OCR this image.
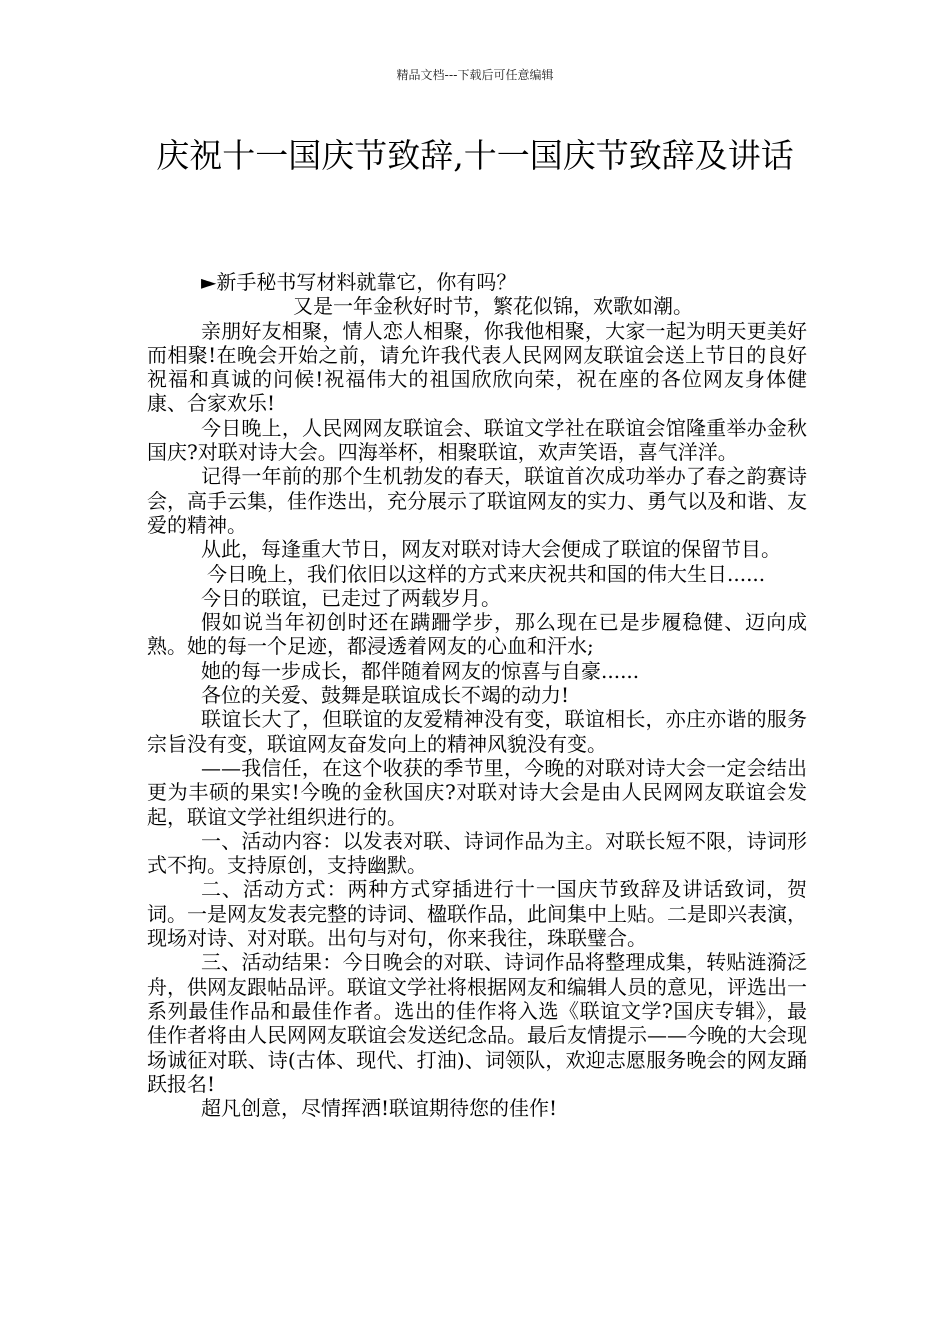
精品文档---下载后可任意编辑
庆祝十一国庆节致辞,十一国庆节致辞及讲话

►新手秘书写材料就靠它，你有吗？

又是一年金秋好时节，繁花似锦，欢歌如潮。

亲朋好友相聚，情人恋人相聚，你我他相聚，大家一起为明天更美好而相聚!在晚会开始之前，请允许我代表人民网网友联谊会送上节日的良好祝福和真诚的问候!祝福伟大的祖国欣欣向荣，祝在座的各位网友身体健康、合家欢乐!

今日晚上，人民网网友联谊会、联谊文学社在联谊会馆隆重举办金秋国庆?对联对诗大会。四海举杯，相聚联谊，欢声笑语，喜气洋洋。

记得一年前的那个生机勃发的春天，联谊首次成功举办了春之韵赛诗会，高手云集，佳作迭出，充分展示了联谊网友的实力、勇气以及和谐、友爱的精神。

从此，每逢重大节日，网友对联对诗大会便成了联谊的保留节目。

今日晚上，我们依旧以这样的方式来庆祝共和国的伟大生日......

今日的联谊，已走过了两载岁月。

假如说当年初创时还在蹒跚学步，那么现在已是步履稳健、迈向成熟。她的每一个足迹，都浸透着网友的心血和汗水;

她的每一步成长，都伴随着网友的惊喜与自豪......

各位的关爱、鼓舞是联谊成长不竭的动力!

联谊长大了，但联谊的友爱精神没有变，联谊相长，亦庄亦谐的服务宗旨没有变，联谊网友奋发向上的精神风貌没有变。

——我信任，在这个收获的季节里，今晚的对联对诗大会一定会结出更为丰硕的果实!今晚的金秋国庆?对联对诗大会是由人民网网友联谊会发起，联谊文学社组织进行的。

一、活动内容：以发表对联、诗词作品为主。对联长短不限，诗词形式不拘。支持原创，支持幽默。

二、活动方式：两种方式穿插进行十一国庆节致辞及讲话致词，贺词。一是网友发表完整的诗词、楹联作品，此间集中上贴。二是即兴表演，现场对诗、对对联。出句与对句，你来我往，珠联璧合。

三、活动结果：今日晚会的对联、诗词作品将整理成集，转贴涟漪泛舟，供网友跟帖品评。联谊文学社将根据网友和编辑人员的意见，评选出一系列最佳作品和最佳作者。选出的佳作将入选《联谊文学?国庆专辑》，最佳作者将由人民网网友联谊会发送纪念品。最后友情提示——今晚的大会现场诚征对联、诗(古体、现代、打油)、词领队，欢迎志愿服务晚会的网友踊跃报名!

超凡创意，尽情挥洒!联谊期待您的佳作!
